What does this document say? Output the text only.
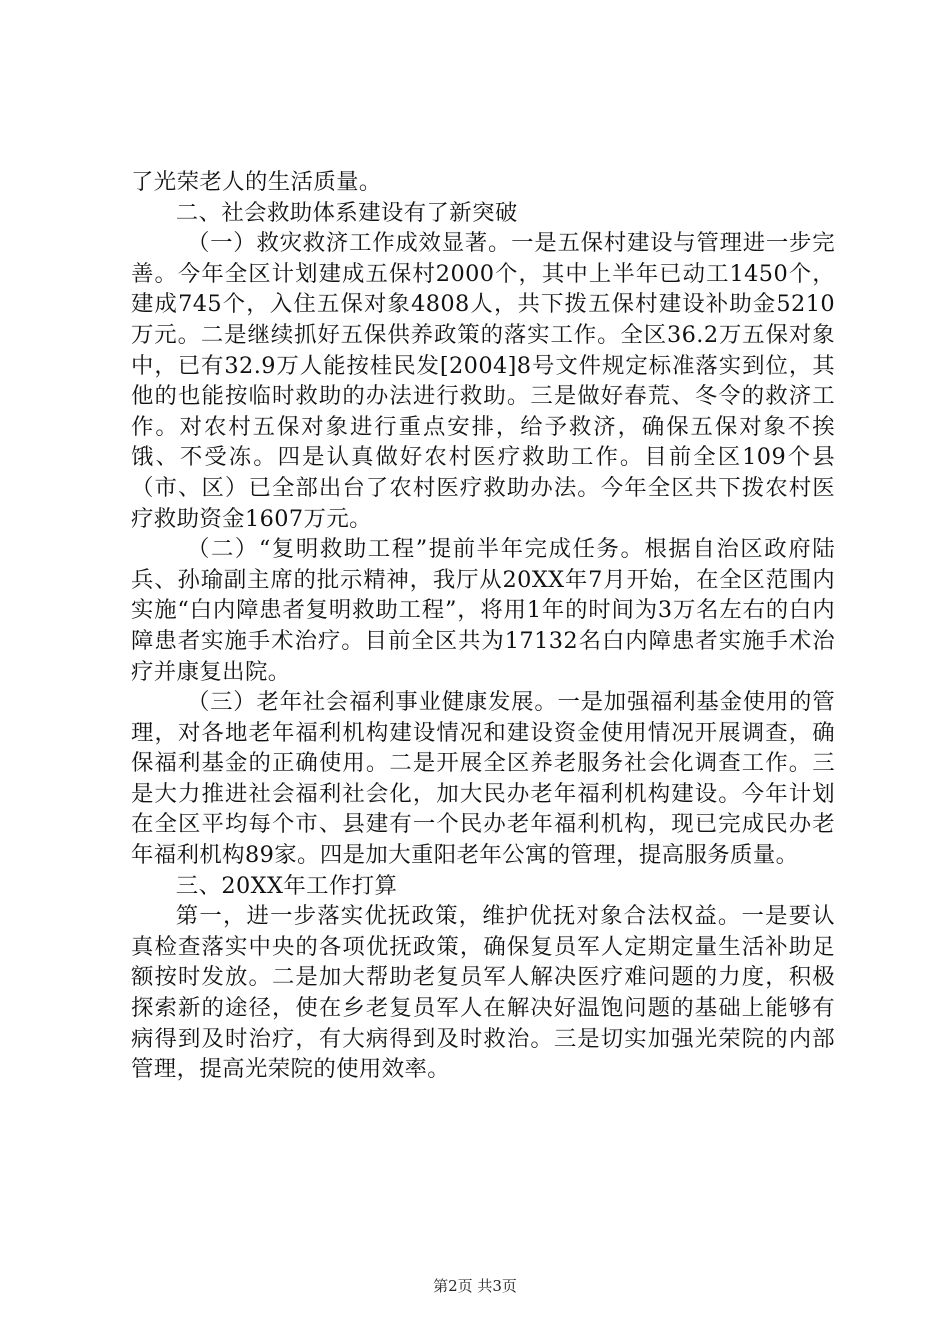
了光荣老人的生活质量。

二、社会救助体系建设有了新突破

（一）救灾救济工作成效显著。一是五保村建设与管理进一步完善。今年全区计划建成五保村2000个，其中上半年已动工1450个，建成745个，入住五保对象4808人，共下拨五保村建设补助金5210万元。二是继续抓好五保供养政策的落实工作。全区36.2万五保对象中，已有32.9万人能按桂民发[2004]8号文件规定标准落实到位，其他的也能按临时救助的办法进行救助。三是做好春荒、冬令的救济工作。对农村五保对象进行重点安排，给予救济，确保五保对象不挨饿、不受冻。四是认真做好农村医疗救助工作。目前全区109个县（市、区）已全部出台了农村医疗救助办法。今年全区共下拨农村医疗救助资金1607万元。

（二）“复明救助工程”提前半年完成任务。根据自治区政府陆兵、孙瑜副主席的批示精神，我厅从20XX年7月开始，在全区范围内实施“白内障患者复明救助工程”，将用1年的时间为3万名左右的白内障患者实施手术治疗。目前全区共为17132名白内障患者实施手术治疗并康复出院。

（三）老年社会福利事业健康发展。一是加强福利基金使用的管理，对各地老年福利机构建设情况和建设资金使用情况开展调查，确保福利基金的正确使用。二是开展全区养老服务社会化调查工作。三是大力推进社会福利社会化，加大民办老年福利机构建设。今年计划在全区平均每个市、县建有一个民办老年福利机构，现已完成民办老年福利机构89家。四是加大重阳老年公寓的管理，提高服务质量。

三、20XX年工作打算

第一，进一步落实优抚政策，维护优抚对象合法权益。一是要认真检查落实中央的各项优抚政策，确保复员军人定期定量生活补助足额按时发放。二是加大帮助老复员军人解决医疗难问题的力度，积极探索新的途径，使在乡老复员军人在解决好温饱问题的基础上能够有病得到及时治疗，有大病得到及时救治。三是切实加强光荣院的内部管理，提高光荣院的使用效率。

第2页 共3页
